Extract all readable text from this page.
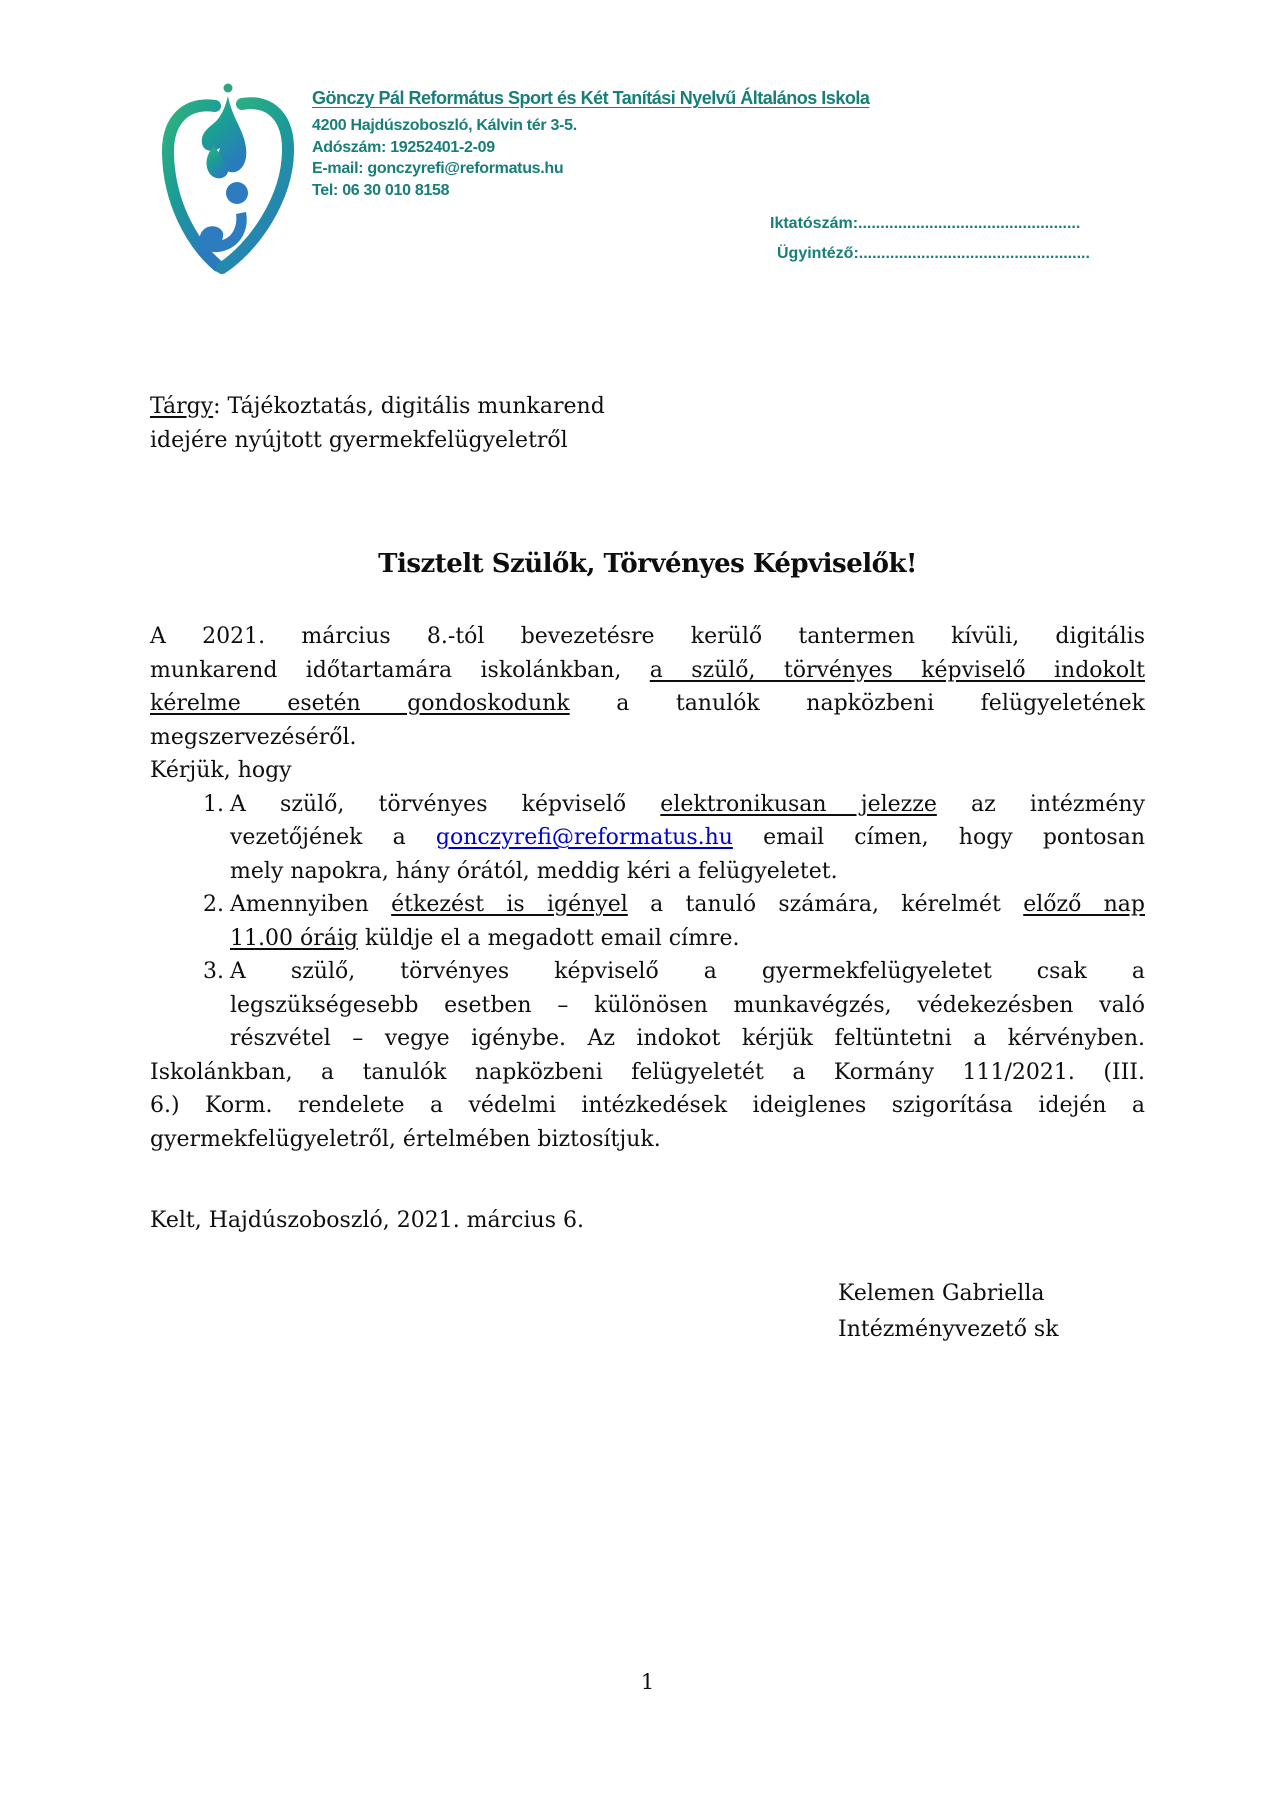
Gönczy Pál Református Sport és Két Tanítási Nyelvű Általános Iskola
4200 Hajdúszoboszló, Kálvin tér 3-5.
Adószám: 19252401-2-09
E-mail: gonczyrefi@reformatus.hu
Tel: 06 30 010 8158
Iktatószám:..................................................
Ügyintéző:....................................................
Tárgy: Tájékoztatás, digitális munkarend
idejére nyújtott gyermekfelügyeletről
Tisztelt Szülők, Törvényes Képviselők!
A 2021. március 8.-tól bevezetésre kerülő tantermen kívüli, digitális
munkarend időtartamára iskolánkban, a szülő, törvényes képviselő indokolt
kérelme esetén gondoskodunk a tanulók napközbeni felügyeletének
megszervezéséről.
Kérjük, hogy
1. A szülő, törvényes képviselő elektronikusan jelezze az intézmény
vezetőjének a gonczyrefi@reformatus.hu email címen, hogy pontosan
mely napokra, hány órától, meddig kéri a felügyeletet.
2. Amennyiben étkezést is igényel a tanuló számára, kérelmét előző nap
11.00 óráig küldje el a megadott email címre.
3. A szülő, törvényes képviselő a gyermekfelügyeletet csak a
legszükségesebb esetben – különösen munkavégzés, védekezésben való
részvétel – vegye igénybe. Az indokot kérjük feltüntetni a kérvényben.
Iskolánkban, a tanulók napközbeni felügyeletét a Kormány 111/2021. (III.
6.) Korm. rendelete a védelmi intézkedések ideiglenes szigorítása idején a
gyermekfelügyeletről, értelmében biztosítjuk.
Kelt, Hajdúszoboszló, 2021. március 6.
Kelemen Gabriella
Intézményvezető sk
1
